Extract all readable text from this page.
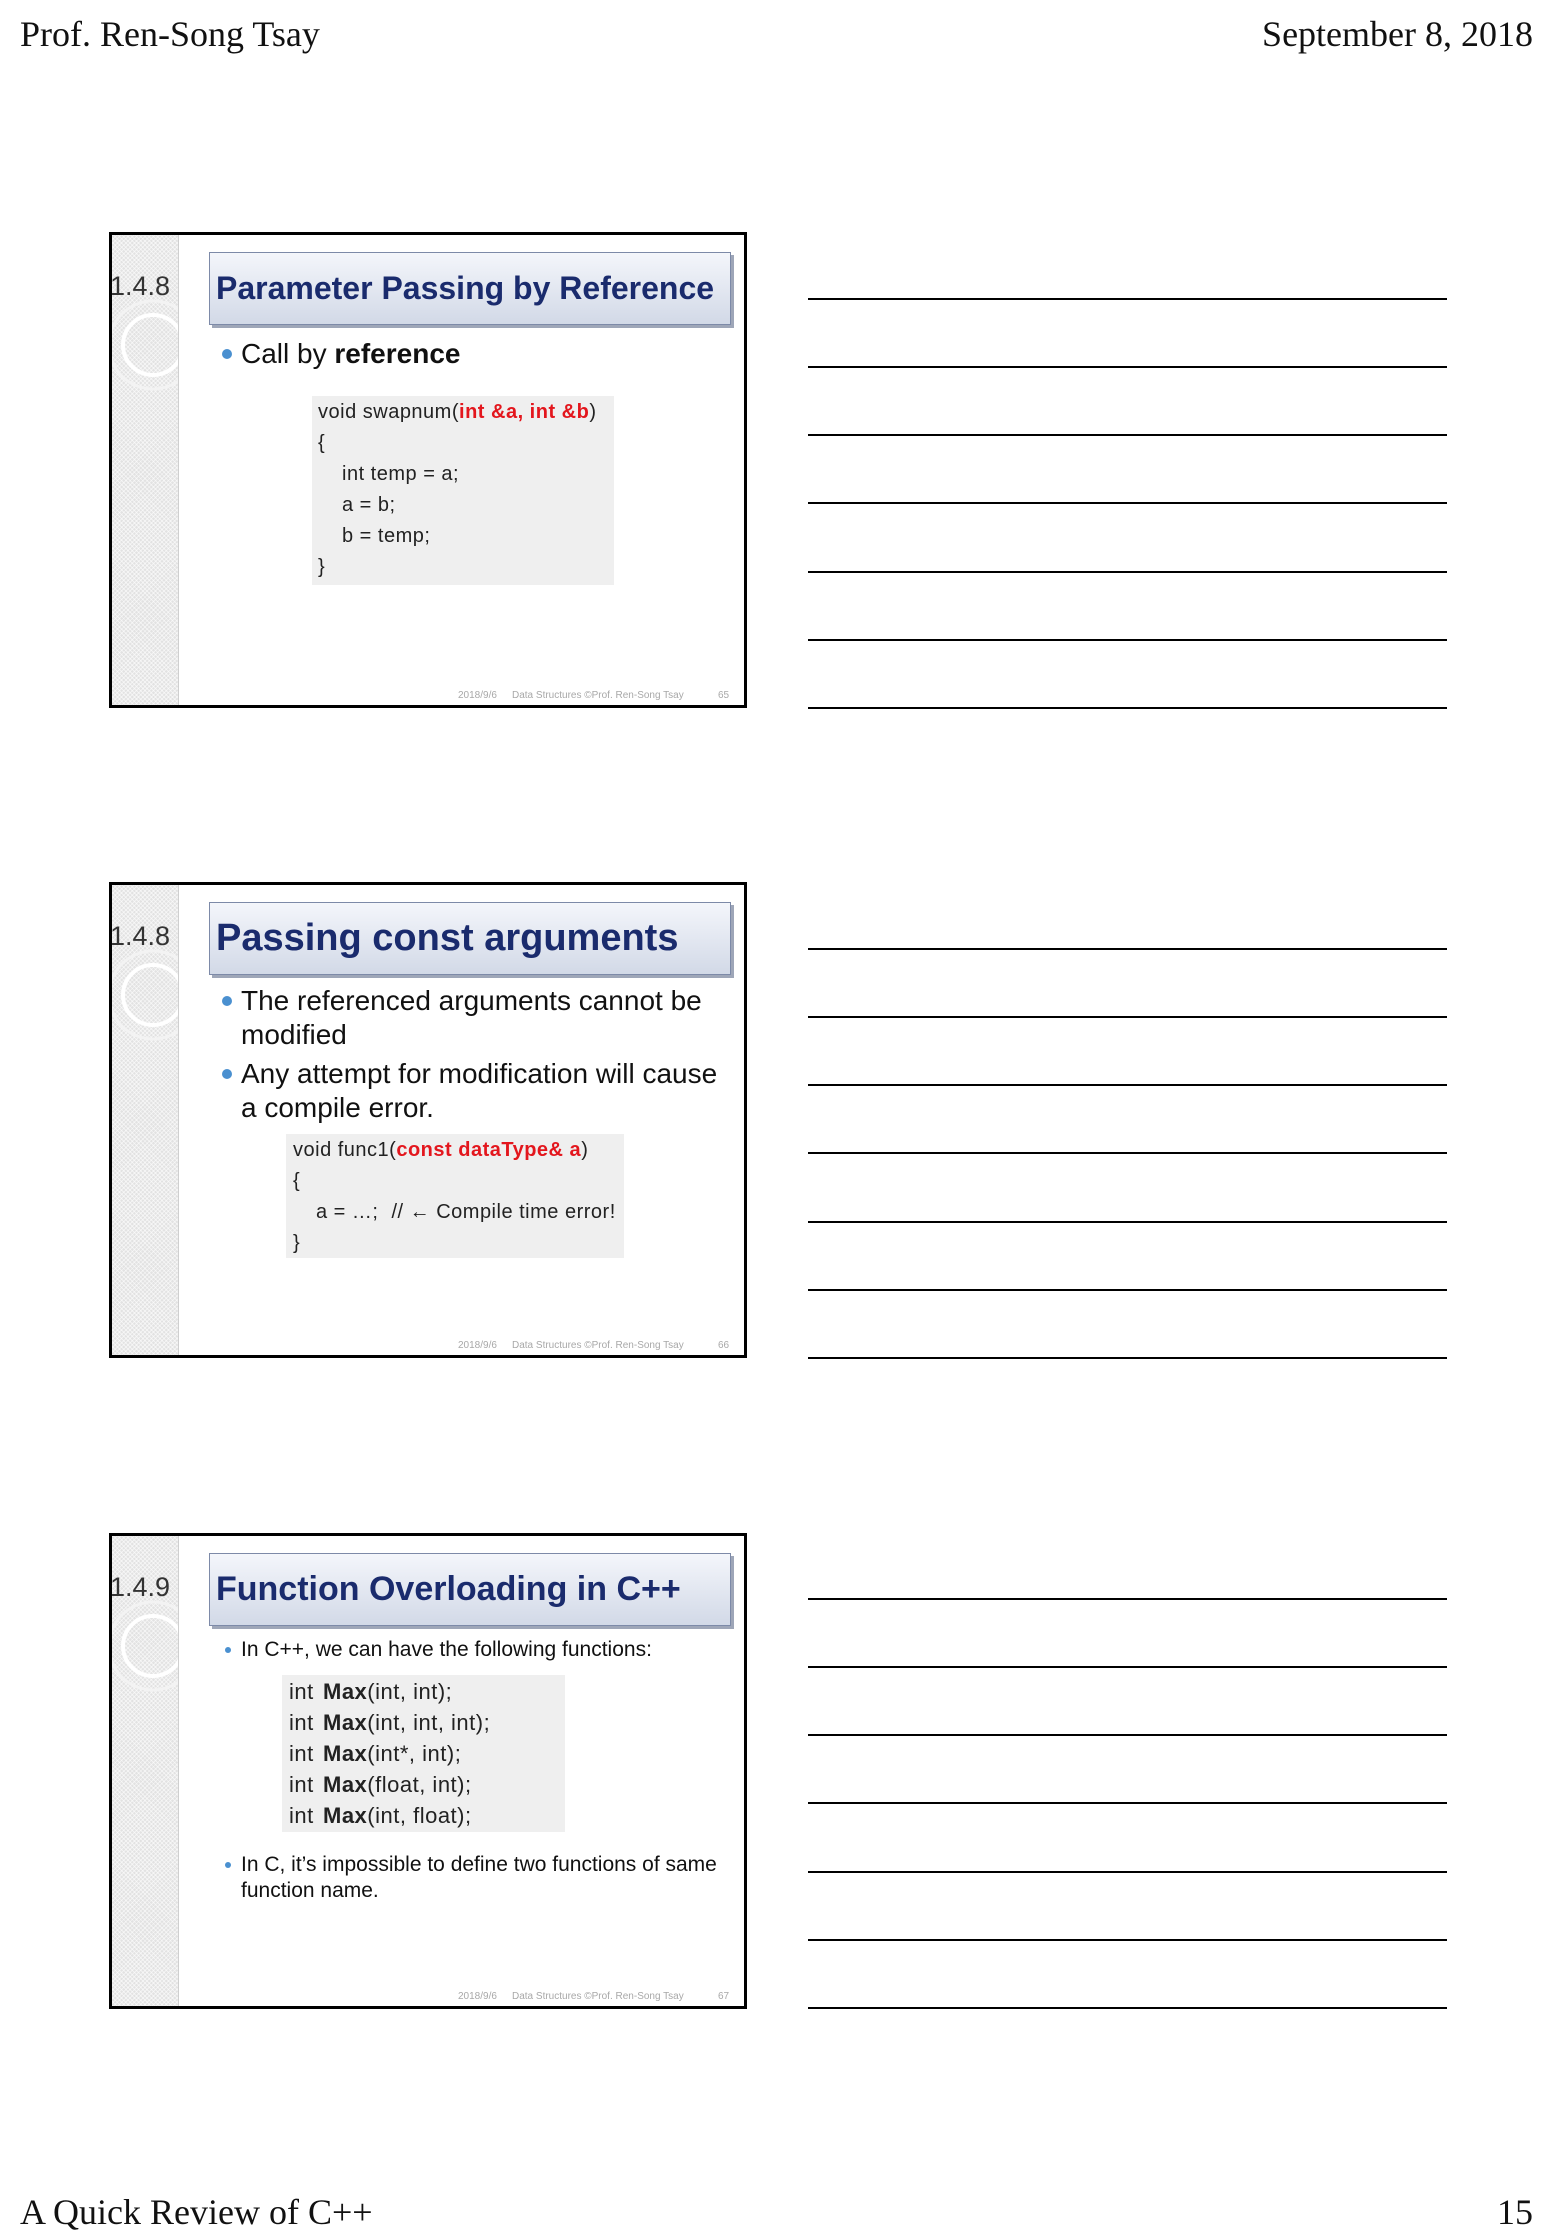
Prof. Ren-Song Tsay	September 8, 2018
1.4.8 Parameter Passing by Reference
Call by reference
void swapnum(int &a, int &b)
{
int temp = a;
a = b;
b = temp;
}
2018/9/6 Data Structures ©Prof. Ren-Song Tsay	65
1.4.8 Passing const arguments
The referenced arguments cannot be modified
Any attempt for modification will cause a compile error.
void func1(const dataType& a)
{
a = …; // ← Compile time error!
}
2018/9/6 Data Structures ©Prof. Ren-Song Tsay	66
1.4.9 Function Overloading in C++
In C++, we can have the following functions:
int Max(int, int);
int Max(int, int, int);
int Max(int*, int);
int Max(float, int);
int Max(int, float);
In C, it’s impossible to define two functions of same function name.
2018/9/6 Data Structures ©Prof. Ren-Song Tsay	67
A Quick Review of C++	15
